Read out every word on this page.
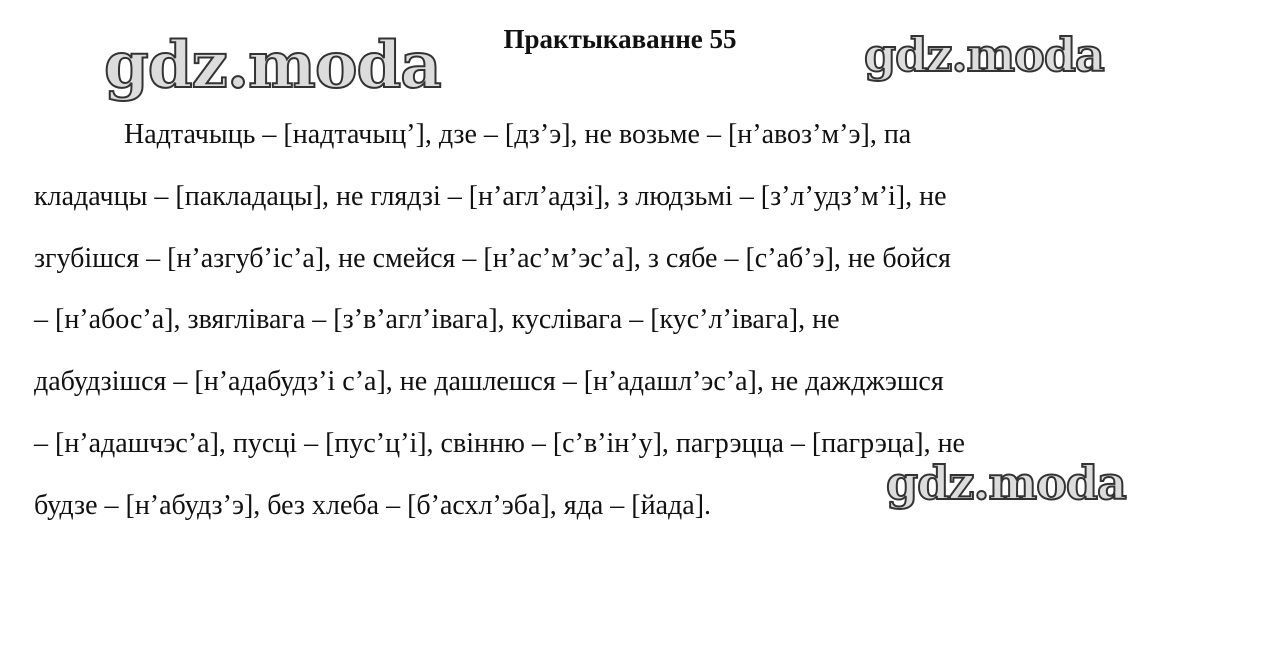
gdz.moda	gdz.moda
Практыкаванне 55
Надтачыць – [надтачыц’], дзе – [дз’э], не возьме – [н’авоз’м’э], па
кладачцы – [пакладацы], не глядзі – [н’агл’адзі], з людзьмі – [з’л’удз’м’і], не
згубішся – [н’азгуб’іс’а], не смейся – [н’ас’м’эс’а], з сябе – [с’аб’э], не бойся
– [н’абос’а], звяглівага – [з’в’агл’івага], куслівага – [кус’л’івага], не
дабудзішся – [н’адабудз’і с’а], не дашлешся – [н’адашл’эс’а], не дажджэшся
– [н’адашчэс’а], пусці – [пус’ц’і], свінню – [с’в’ін’у], пагрэцца – [пагрэца], не
будзе – [н’абудз’э], без хлеба – [б’асхл’эба], яда – [йада].	gdz.moda
